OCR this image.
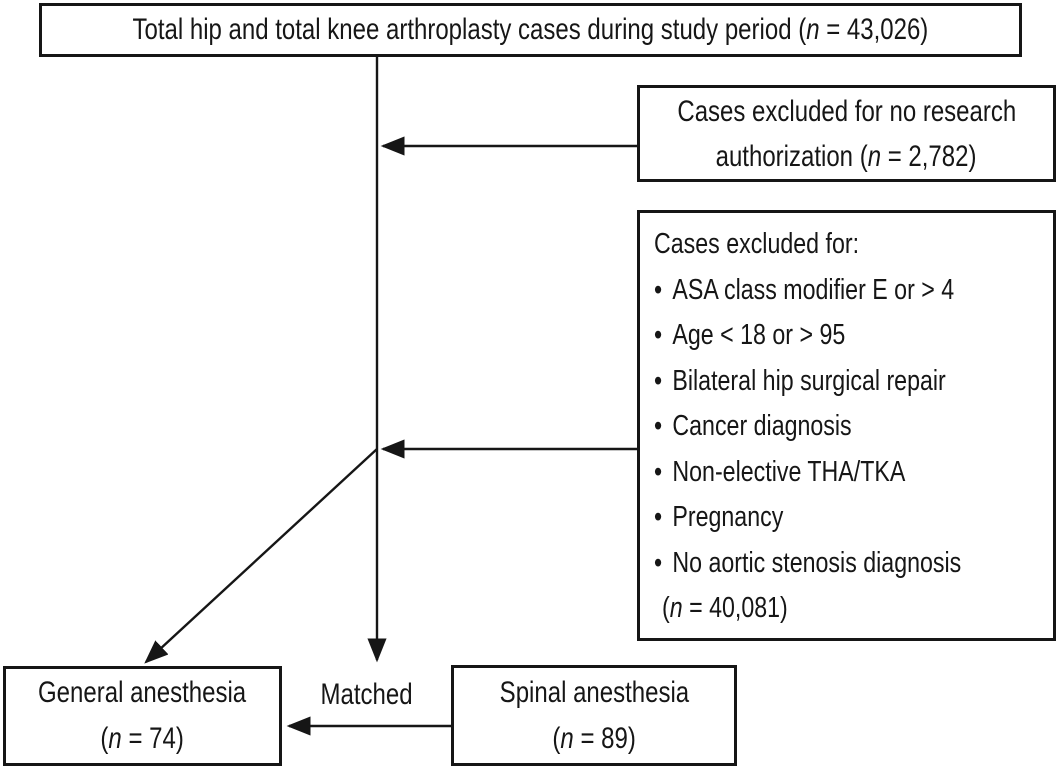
Total hip and total knee arthroplasty cases during study period (n = 43,026)
Cases excluded for no research
authorization (n = 2,782)
Cases excluded for:
• ASA class modifier E or > 4
• Age < 18 or > 95
• Bilateral hip surgical repair
• Cancer diagnosis
• Non-elective THA/TKA
• Pregnancy
• No aortic stenosis diagnosis
(n = 40,081)
General anesthesia
(n = 74)
Matched	Spinal anesthesia
(n = 89)
